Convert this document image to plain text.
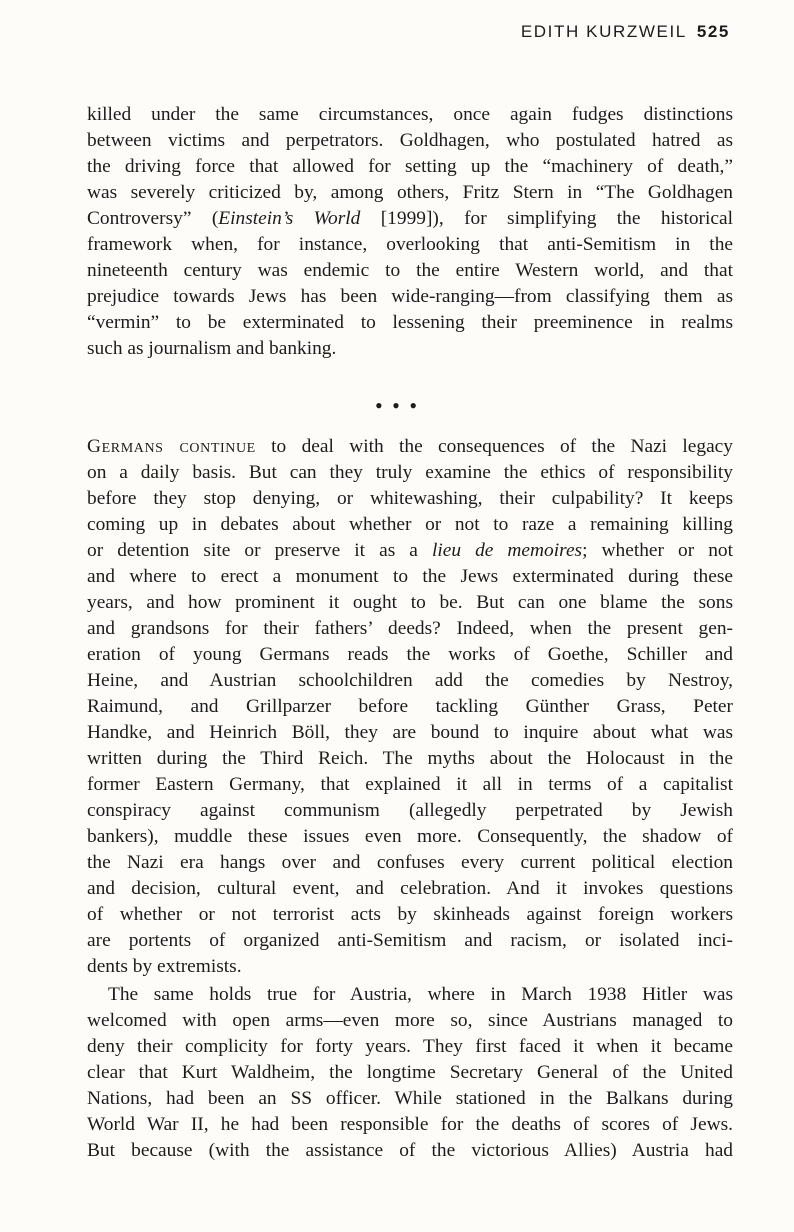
EDITH KURZWEIL 525
killed under the same circumstances, once again fudges distinctions
between victims and perpetrators. Goldhagen, who postulated hatred as
the driving force that allowed for setting up the “machinery of death,”
was severely criticized by, among others, Fritz Stern in “The Goldhagen
Controversy” (Einstein’s World [1999]), for simplifying the historical
framework when, for instance, overlooking that anti-Semitism in the
nineteenth century was endemic to the entire Western world, and that
prejudice towards Jews has been wide-ranging—from classifying them as
“vermin” to be exterminated to lessening their preeminence in realms
such as journalism and banking.
• • •
Germans continue to deal with the consequences of the Nazi legacy
on a daily basis. But can they truly examine the ethics of responsibility
before they stop denying, or whitewashing, their culpability? It keeps
coming up in debates about whether or not to raze a remaining killing
or detention site or preserve it as a lieu de memoires; whether or not
and where to erect a monument to the Jews exterminated during these
years, and how prominent it ought to be. But can one blame the sons
and grandsons for their fathers’ deeds? Indeed, when the present gen-
eration of young Germans reads the works of Goethe, Schiller and
Heine, and Austrian schoolchildren add the comedies by Nestroy,
Raimund, and Grillparzer before tackling Günther Grass, Peter
Handke, and Heinrich Böll, they are bound to inquire about what was
written during the Third Reich. The myths about the Holocaust in the
former Eastern Germany, that explained it all in terms of a capitalist
conspiracy against communism (allegedly perpetrated by Jewish
bankers), muddle these issues even more. Consequently, the shadow of
the Nazi era hangs over and confuses every current political election
and decision, cultural event, and celebration. And it invokes questions
of whether or not terrorist acts by skinheads against foreign workers
are portents of organized anti-Semitism and racism, or isolated inci-
dents by extremists.
The same holds true for Austria, where in March 1938 Hitler was
welcomed with open arms—even more so, since Austrians managed to
deny their complicity for forty years. They first faced it when it became
clear that Kurt Waldheim, the longtime Secretary General of the United
Nations, had been an SS officer. While stationed in the Balkans during
World War II, he had been responsible for the deaths of scores of Jews.
But because (with the assistance of the victorious Allies) Austria had
